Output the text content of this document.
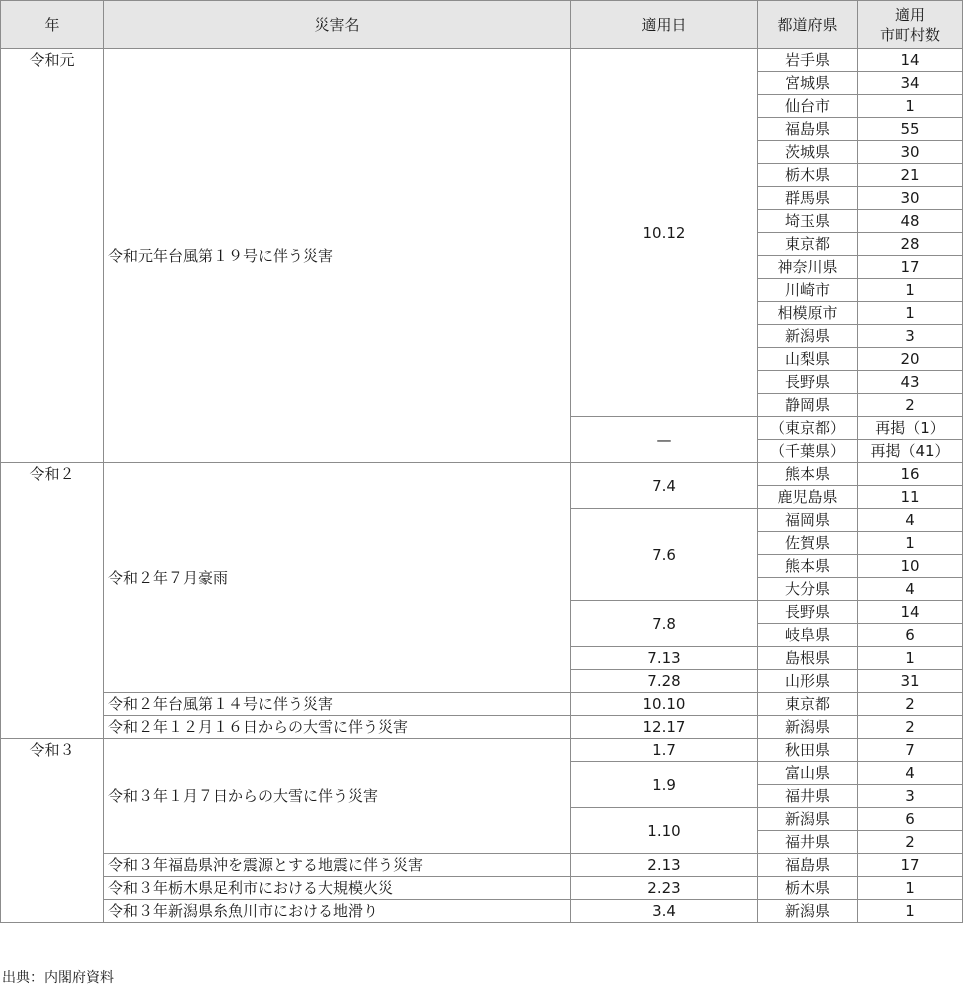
年	災害名	適用日	都道府県	適用
市町村数
令和元	令和元年台風第１９号に伴う災害	10.12	岩手県	14
			宮城県	34
			仙台市	1
			福島県	55
			茨城県	30
			栃木県	21
			群馬県	30
			埼玉県	48
			東京都	28
			神奈川県	17
			川崎市	1
			相模原市	1
			新潟県	3
			山梨県	20
			長野県	43
			静岡県	2
		—	（東京都）	再掲（1）
			（千葉県）	再掲（41）
令和２	令和２年７月豪雨	7.4	熊本県	16
			鹿児島県	11
		7.6	福岡県	4
			佐賀県	1
			熊本県	10
			大分県	4
		7.8	長野県	14
			岐阜県	6
		7.13	島根県	1
		7.28	山形県	31
	令和２年台風第１４号に伴う災害	10.10	東京都	2
	令和２年１２月１６日からの大雪に伴う災害	12.17	新潟県	2
令和３	令和３年１月７日からの大雪に伴う災害	1.7	秋田県	7
		1.9	富山県	4
			福井県	3
		1.10	新潟県	6
			福井県	2
	令和３年福島県沖を震源とする地震に伴う災害	2.13	福島県	17
	令和３年栃木県足利市における大規模火災	2.23	栃木県	1
	令和３年新潟県糸魚川市における地滑り	3.4	新潟県	1
出典：内閣府資料
